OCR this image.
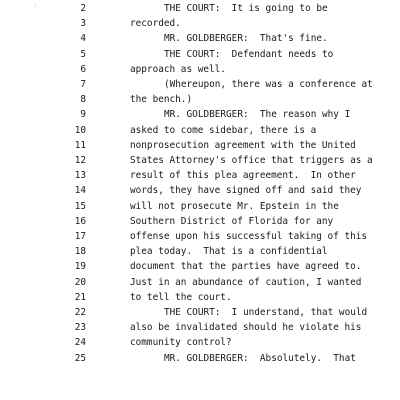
· ·	2	THE COURT:  It is going to be
3	recorded.
4	MR. GOLDBERGER:  That's fine.
5	THE COURT:  Defendant needs to
6	approach as well.
7	(Whereupon, there was a conference at
8	the bench.)
9	MR. GOLDBERGER:  The reason why I
10	asked to come sidebar, there is a
11	nonprosecution agreement with the United
12	States Attorney's office that triggers as a
13	result of this plea agreement.  In other
14	words, they have signed off and said they
15	will not prosecute Mr. Epstein in the
16	Southern District of Florida for any
17	offense upon his successful taking of this
18	plea today.  That is a confidential
19	document that the parties have agreed to.
20	Just in an abundance of caution, I wanted
21	to tell the court.
22	THE COURT:  I understand, that would
23	also be invalidated should he violate his
24	community control?
25	MR. GOLDBERGER:  Absolutely.  That
